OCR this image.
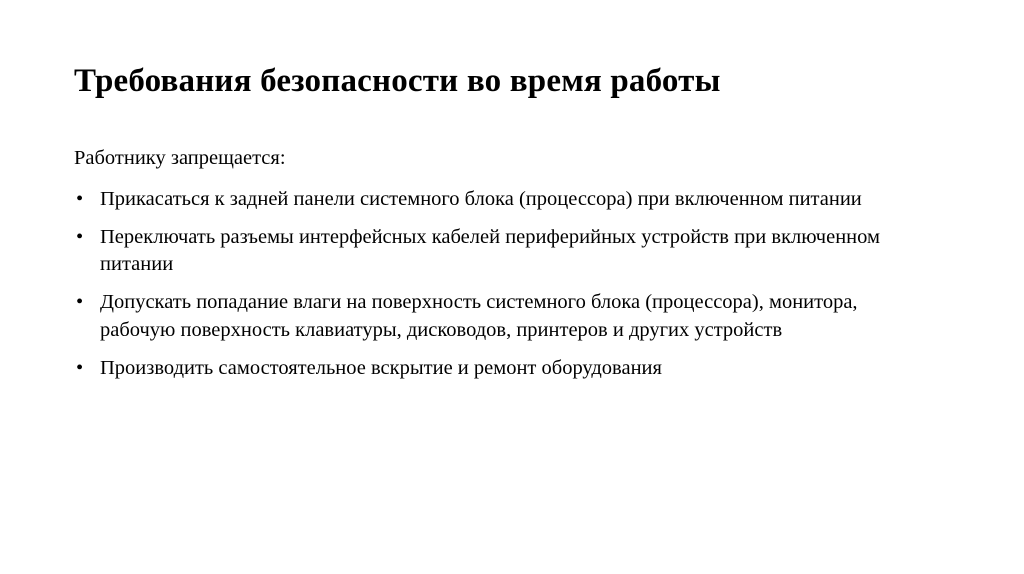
Требования безопасности во время работы

Работнику запрещается:

• Прикасаться к задней панели системного блока (процессора) при включенном питании
• Переключать разъемы интерфейсных кабелей периферийных устройств при включенном питании
• Допускать попадание влаги на поверхность системного блока (процессора), монитора, рабочую поверхность клавиатуры, дисководов, принтеров и других устройств
• Производить самостоятельное вскрытие и ремонт оборудования
